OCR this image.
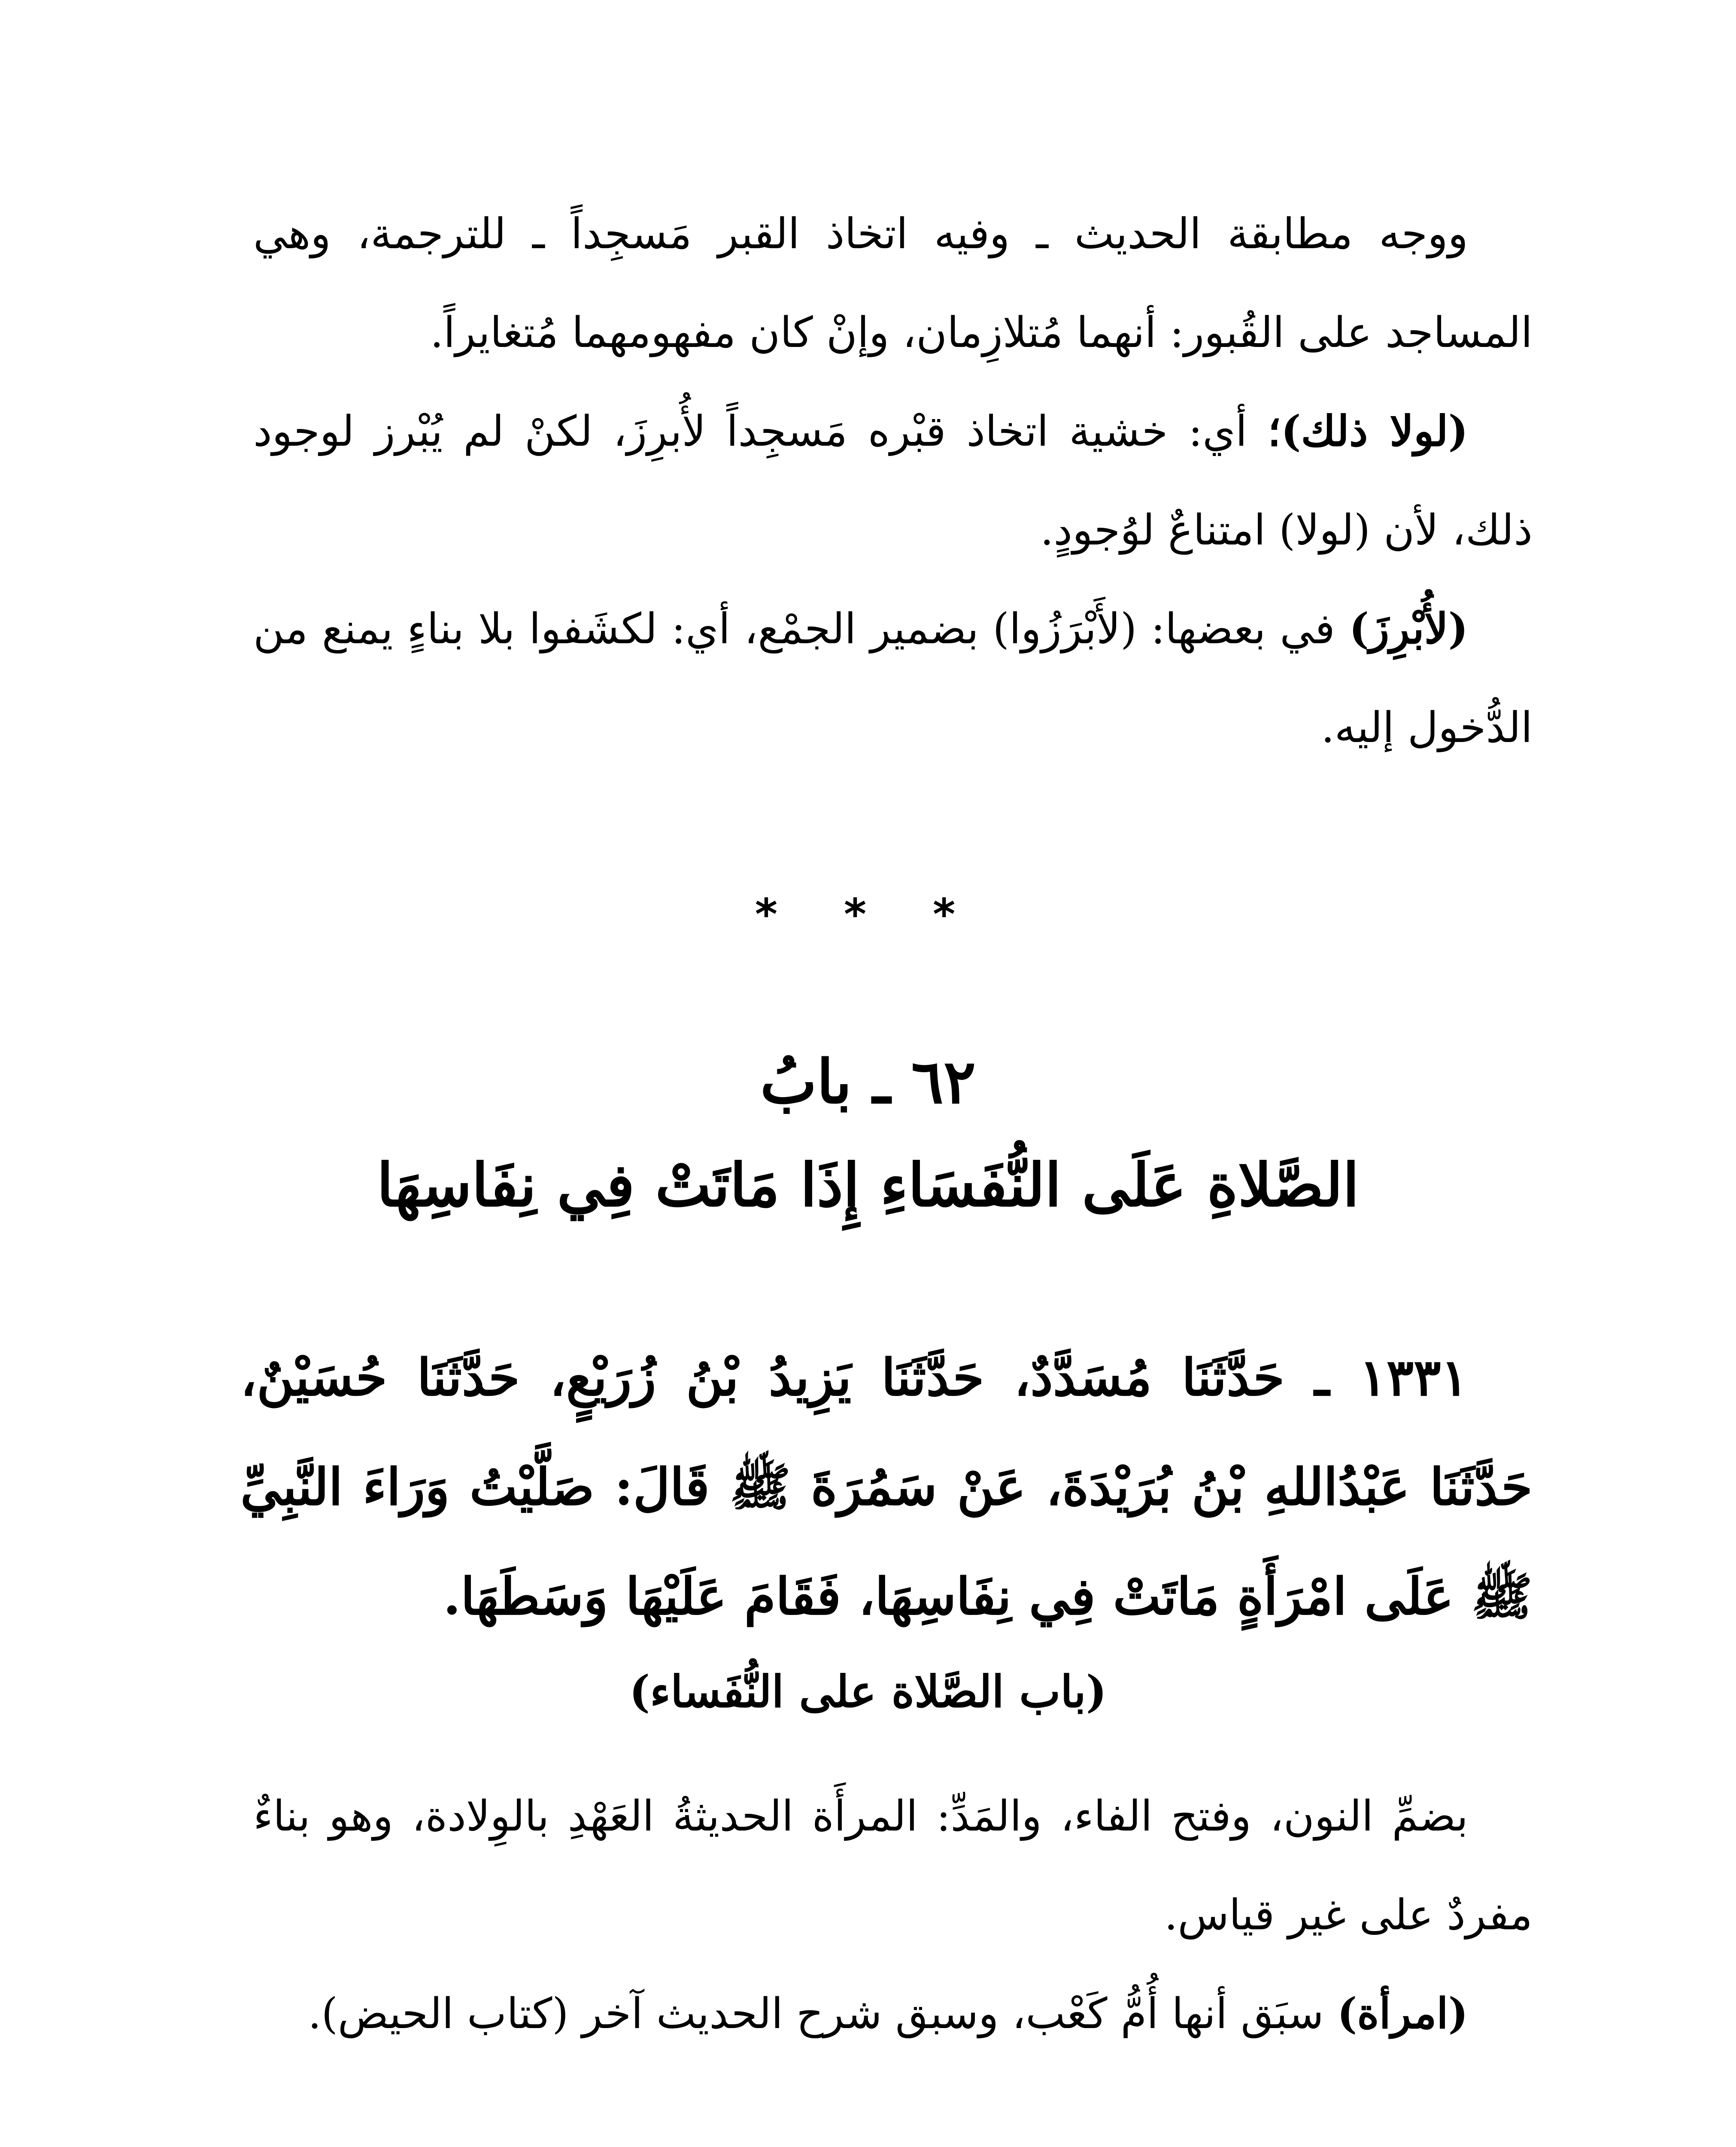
ووجه مطابقة الحديث ـ وفيه اتخاذ القبر مَسجِداً ـ للترجمة، وهي المساجد على القُبور: أنهما مُتلازِمان، وإنْ كان مفهومهما مُتغايراً.

(لولا ذلك)؛ أي: خشية اتخاذ قبْره مَسجِداً لأُبرِزَ، لكنْ لم يُبْرز لوجود ذلك، لأن (لولا) امتناعٌ لوُجودٍ.

(لأُبْرِزَ) في بعضها: (لأَبْرَزُوا) بضمير الجمْع، أي: لكشَفوا بلا بناءٍ يمنع من الدُّخول إليه.

* * *
٦٢ ـ بابُ
الصَّلاةِ عَلَى النُّفَسَاءِ إِذَا مَاتَتْ فِي نِفَاسِهَا

١٣٣١ ـ حَدَّثَنَا مُسَدَّدٌ، حَدَّثَنَا يَزِيدُ بْنُ زُرَيْعٍ، حَدَّثَنَا حُسَيْنٌ، حَدَّثَنَا عَبْدُاللهِ بْنُ بُرَيْدَةَ، عَنْ سَمُرَةَ ﷺ قَالَ: صَلَّيْتُ وَرَاءَ النَّبِيِّ ﷺ عَلَى امْرَأَةٍ مَاتَتْ فِي نِفَاسِهَا، فَقَامَ عَلَيْهَا وَسَطَهَا.

(باب الصَّلاة على النُّفَساء)

بضمِّ النون، وفتح الفاء، والمَدِّ: المرأَة الحديثةُ العَهْدِ بالوِلادة، وهو بناءٌ مفردٌ على غير قياس.

(امرأة) سبَق أنها أُمُّ كَعْب، وسبق شرح الحديث آخر (كتاب الحيض).
